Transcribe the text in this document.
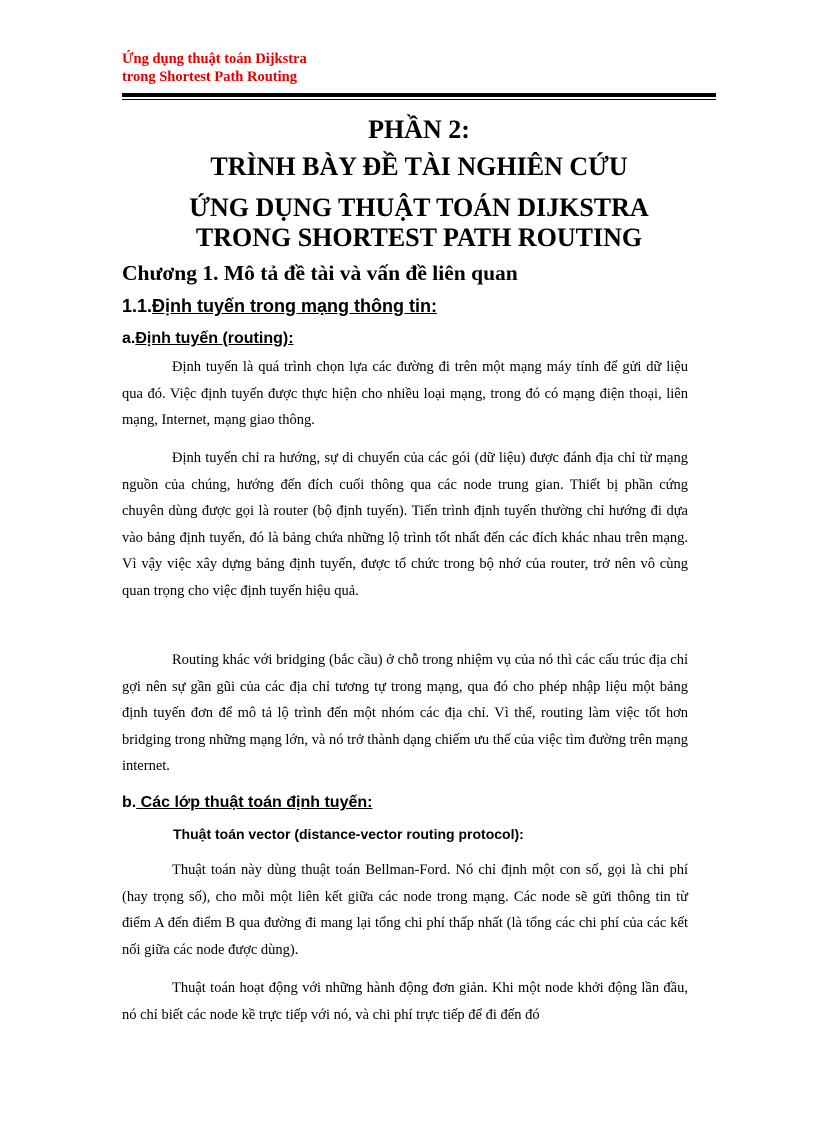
Ứng dụng thuật toán Dijkstra
trong Shortest Path Routing
PHẦN 2:
TRÌNH BÀY ĐỀ TÀI NGHIÊN CỨU
ỨNG DỤNG THUẬT TOÁN DIJKSTRA
TRONG SHORTEST PATH ROUTING
Chương 1. Mô tả đề tài và vấn đề liên quan
1.1.Định tuyến trong mạng thông tin:
a.Định tuyến (routing):

Định tuyến là quá trình chọn lựa các đường đi trên một mạng máy tính để gửi dữ liệu qua đó. Việc định tuyến được thực hiện cho nhiều loại mạng, trong đó có mạng điện thoại, liên mạng, Internet, mạng giao thông.

Định tuyến chỉ ra hướng, sự di chuyển của các gói (dữ liệu) được đánh địa chỉ từ mạng nguồn của chúng, hướng đến đích cuối thông qua các node trung gian. Thiết bị phần cứng chuyên dùng được gọi là router (bộ định tuyến). Tiến trình định tuyến thường chỉ hướng đi dựa vào bảng định tuyến, đó là bảng chứa những lộ trình tốt nhất đến các đích khác nhau trên mạng. Vì vậy việc xây dựng bảng định tuyến, được tổ chức trong bộ nhớ của router, trở nên vô cùng quan trọng cho việc định tuyến hiệu quả.

Routing khác với bridging (bắc cầu) ở chỗ trong nhiệm vụ của nó thì các cấu trúc địa chỉ gợi nên sự gần gũi của các địa chỉ tương tự trong mạng, qua đó cho phép nhập liệu một bảng định tuyến đơn để mô tả lộ trình đến một nhóm các địa chỉ. Vì thế, routing làm việc tốt hơn bridging trong những mạng lớn, và nó trở thành dạng chiếm ưu thế của việc tìm đường trên mạng internet.

b. Các lớp thuật toán định tuyến:
Thuật toán vector (distance-vector routing protocol):

Thuật toán này dùng thuật toán Bellman-Ford. Nó chỉ định một con số, gọi là chi phí (hay trọng số), cho mỗi một liên kết giữa các node trong mạng. Các node sẽ gửi thông tin từ điểm A đến điểm B qua đường đi mang lại tổng chi phí thấp nhất (là tổng các chi phí của các kết nối giữa các node được dùng).

Thuật toán hoạt động với những hành động đơn giản. Khi một node khởi động lần đầu, nó chỉ biết các node kề trực tiếp với nó, và chi phí trực tiếp để đi đến đó
